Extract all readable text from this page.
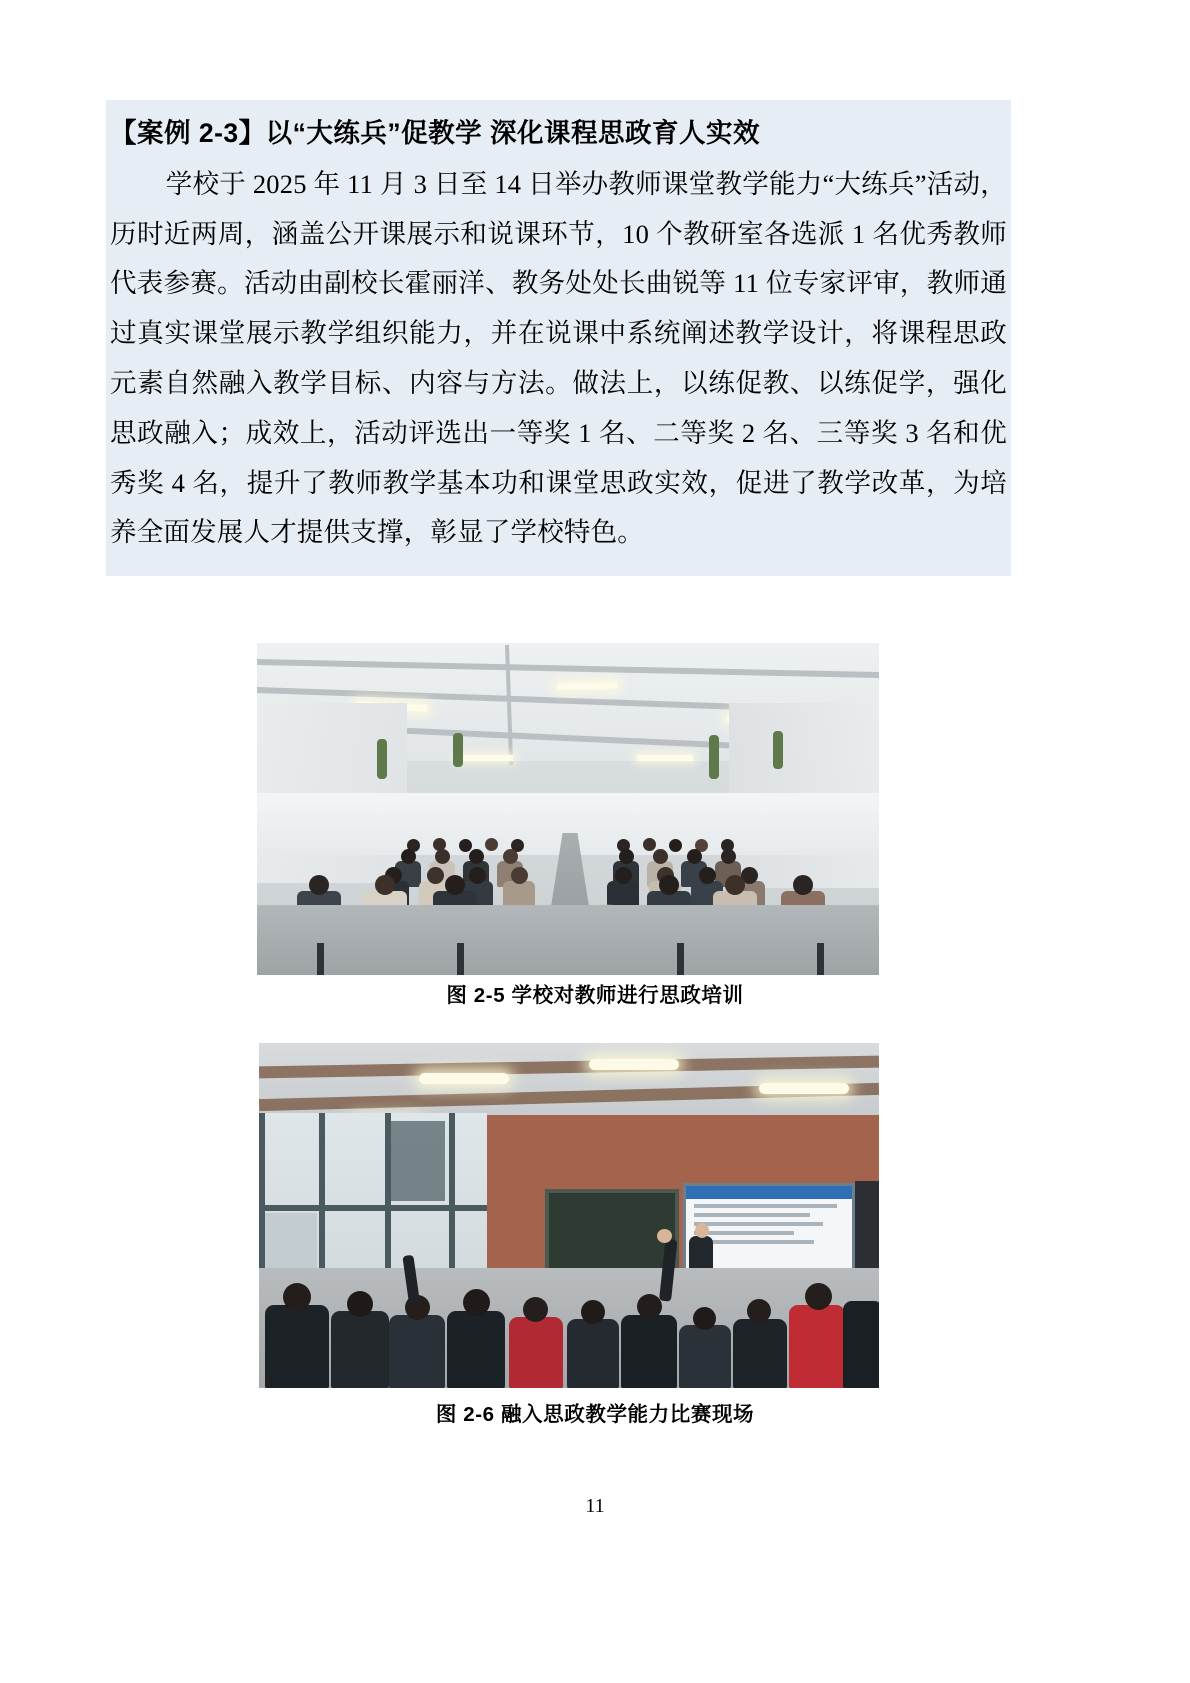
【案例 2-3】以“大练兵”促教学 深化课程思政育人实效
学校于 2025 年 11 月 3 日至 14 日举办教师课堂教学能力“大练兵”活动，历时近两周，涵盖公开课展示和说课环节，10 个教研室各选派 1 名优秀教师代表参赛。活动由副校长霍丽洋、教务处处长曲锐等 11 位专家评审，教师通过真实课堂展示教学组织能力，并在说课中系统阐述教学设计，将课程思政元素自然融入教学目标、内容与方法。做法上，以练促教、以练促学，强化思政融入；成效上，活动评选出一等奖 1 名、二等奖 2 名、三等奖 3 名和优秀奖 4 名，提升了教师教学基本功和课堂思政实效，促进了教学改革，为培养全面发展人才提供支撑，彰显了学校特色。
图 2-5 学校对教师进行思政培训
图 2-6 融入思政教学能力比赛现场
11
